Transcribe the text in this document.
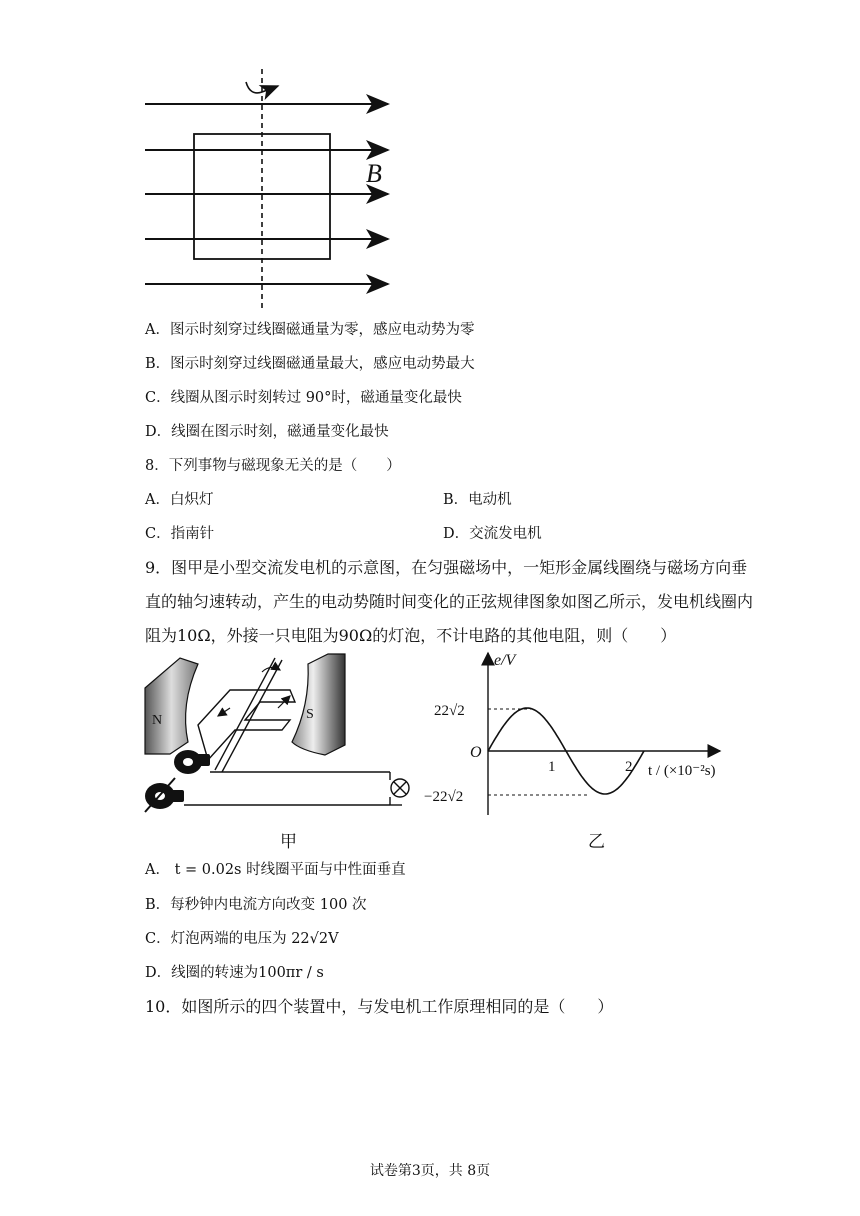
B
A．图示时刻穿过线圈磁通量为零，感应电动势为零
B．图示时刻穿过线圈磁通量最大，感应电动势最大
C．线圈从图示时刻转过 90°时，磁通量变化最快
D．线圈在图示时刻，磁通量变化最快
8．下列事物与磁现象无关的是（　　）
A．白炽灯	B．电动机
C．指南针	D．交流发电机
9．图甲是小型交流发电机的示意图，在匀强磁场中，一矩形金属线圈绕与磁场方向垂
直的轴匀速转动，产生的电动势随时间变化的正弦规律图象如图乙所示，发电机线圈内
阻为10Ω，外接一只电阻为90Ω的灯泡，不计电路的其他电阻，则（　　）
N	S
甲
e/V
O
22√2
−22√2
1	2 t / (×10⁻²s)
乙
A． t = 0.02s 时线圈平面与中性面垂直
B．每秒钟内电流方向改变 100 次
C．灯泡两端的电压为 22√2V
D．线圈的转速为100πr / s
10．如图所示的四个装置中，与发电机工作原理相同的是（　　）
试卷第3页，共 8页
